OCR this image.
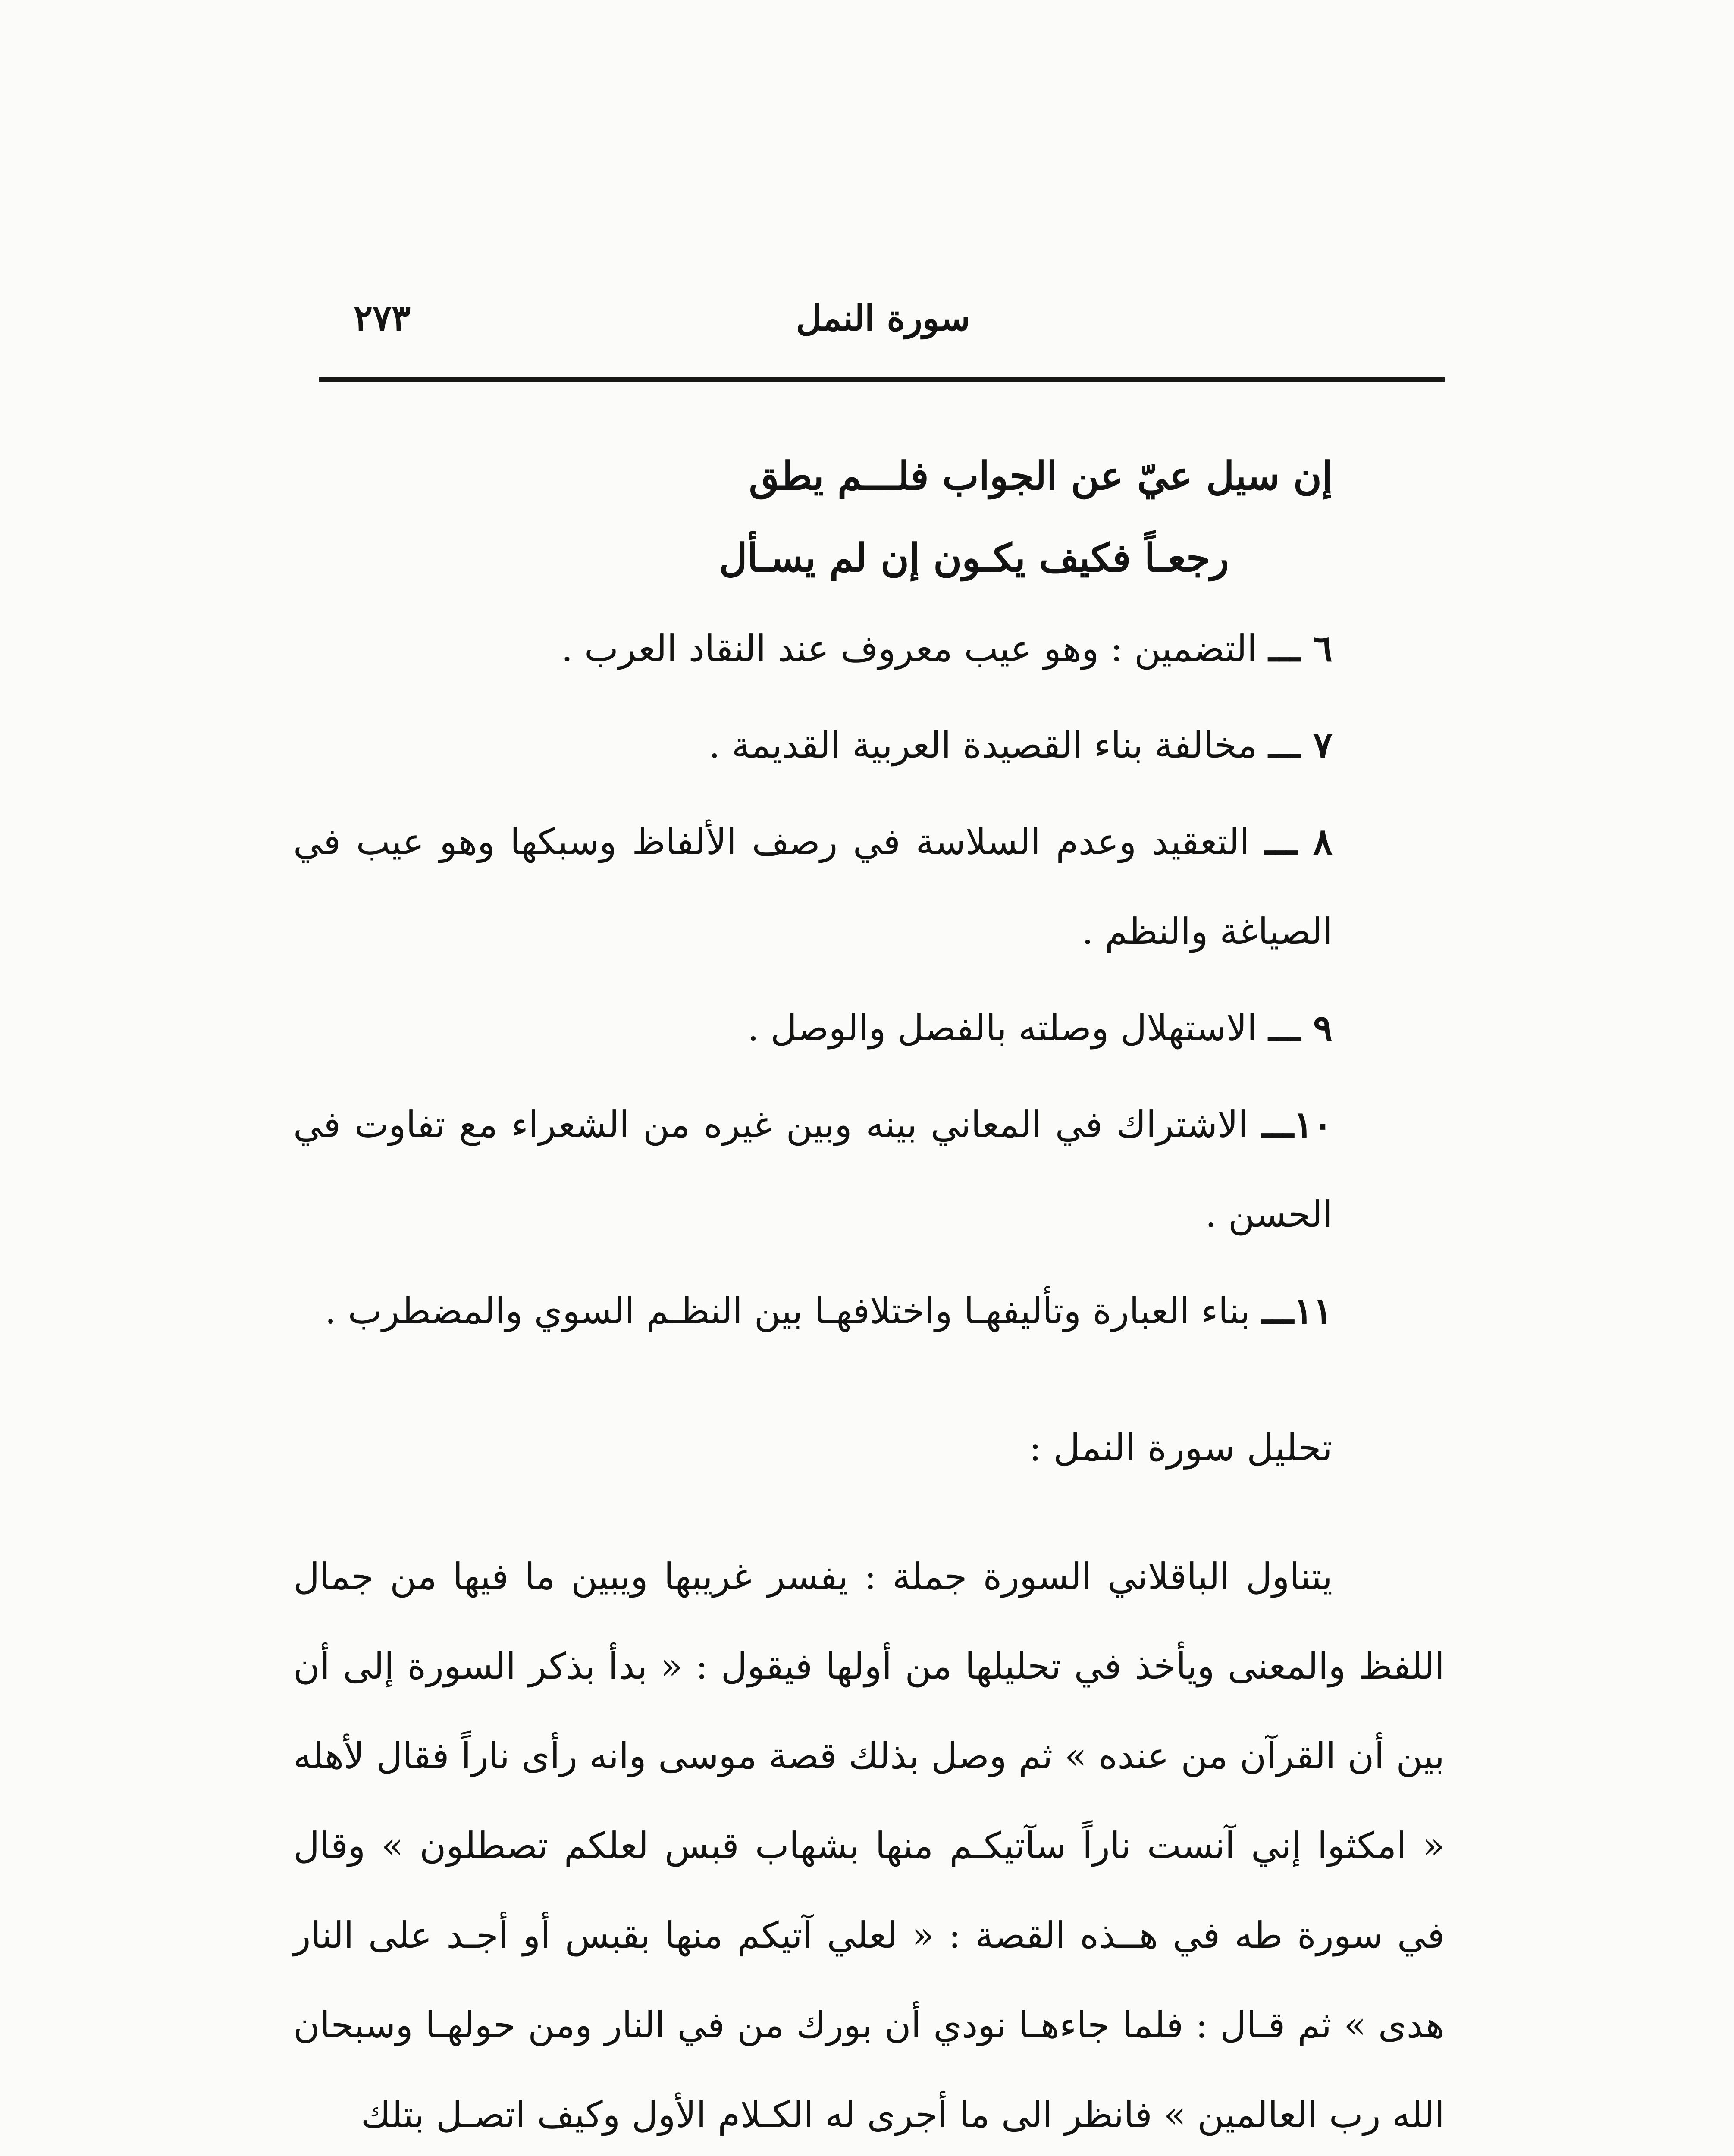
سورة النمل
٢٧٣
إن سيل عيّ عن الجواب فلـــم يطق
رجعـاً فكيف يكـون إن لم يسـأل
٦ ـــ التضمين : وهو عيب معروف عند النقاد العرب .
٧ ـــ مخالفة بناء القصيدة العربية القديمة .
٨ ـــ التعقيد وعدم السلاسة في رصف الألفاظ وسبكها وهو عيب في الصياغة والنظم .
٩ ـــ الاستهلال وصلته بالفصل والوصل .
١٠ـــ الاشتراك في المعاني بينه وبين غيره من الشعراء مع تفاوت في الحسن .
١١ـــ بناء العبارة وتأليفهـا واختلافهـا بين النظـم السوي والمضطرب .
تحليل سورة النمل :
يتناول الباقلاني السورة جملة : يفسر غريبها ويبين ما فيها من جمال اللفظ والمعنى ويأخذ في تحليلها من أولها فيقول : « بدأ بذكر السورة إلى أن بين أن القرآن من عنده » ثم وصل بذلك قصة موسى وانه رأى ناراً فقال لأهله « امكثوا إني آنست ناراً سآتيكـم منها بشهاب قبس لعلكم تصطلون » وقال في سورة طه في هــذه القصة : « لعلي آتيكم منها بقبس أو أجـد على النار هدى » ثم قـال : فلما جاءهـا نودي أن بورك من في النار ومن حولهـا وسبحان الله رب العالمين » فانظر الى ما أجرى له الكـلام الأول وكيف اتصـل بتلك
